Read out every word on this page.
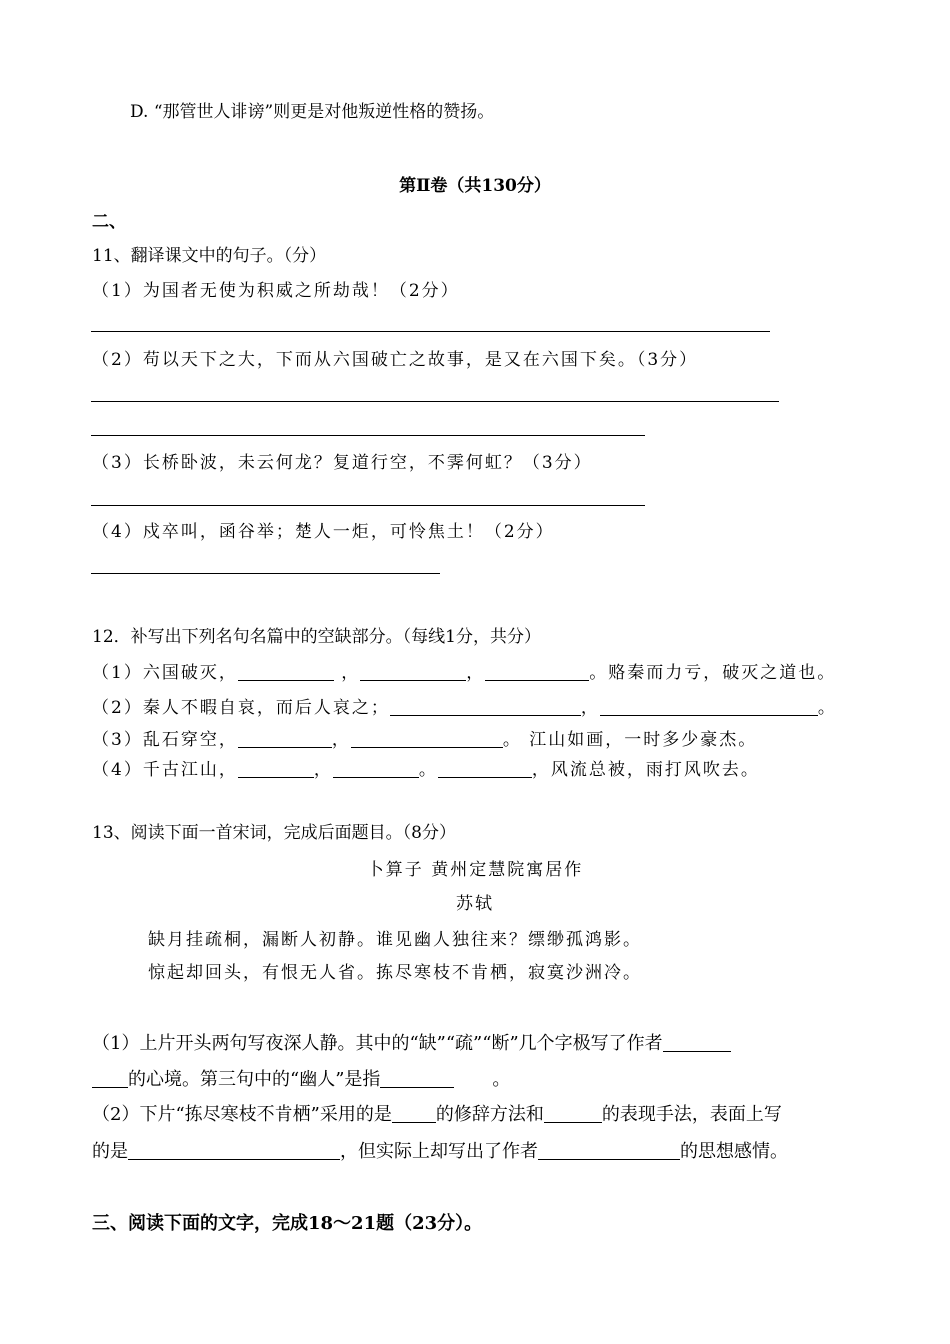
D. “那管世人诽谤”则更是对他叛逆性格的赞扬。
第Ⅱ卷（共130分）
二、
11、翻译课文中的句子。（分）
（1）为国者无使为积威之所劫哉！（2分）
（2）苟以天下之大，下而从六国破亡之故事，是又在六国下矣。（3分）
（3）长桥卧波，未云何龙？复道行空，不霁何虹？（3分）
（4）戍卒叫，函谷举；楚人一炬，可怜焦土！（2分）
12．补写出下列名句名篇中的空缺部分。（每线1分，共分）
（1）六国破灭，	，	，	。赂秦而力亏，破灭之道也。
（2）秦人不暇自哀，而后人哀之；	，	。
（3）乱石穿空，	，	。 江山如画，一时多少豪杰。
（4）千古江山，	，	。	，风流总被，雨打风吹去。
13、阅读下面一首宋词，完成后面题目。（8分）
卜算子 黄州定慧院寓居作
苏轼
缺月挂疏桐，漏断人初静。谁见幽人独往来？缥缈孤鸿影。
惊起却回头，有恨无人省。拣尽寒枝不肯栖，寂寞沙洲冷。
（1）上片开头两句写夜深人静。其中的“缺”“疏”“断”几个字极写了作者
的心境。第三句中的“幽人”是指	。
（2）下片“拣尽寒枝不肯栖”采用的是 的修辞方法和	的表现手法，表面上写
的是	，但实际上却写出了作者	的思想感情。
三、阅读下面的文字，完成18～21题（23分）。
